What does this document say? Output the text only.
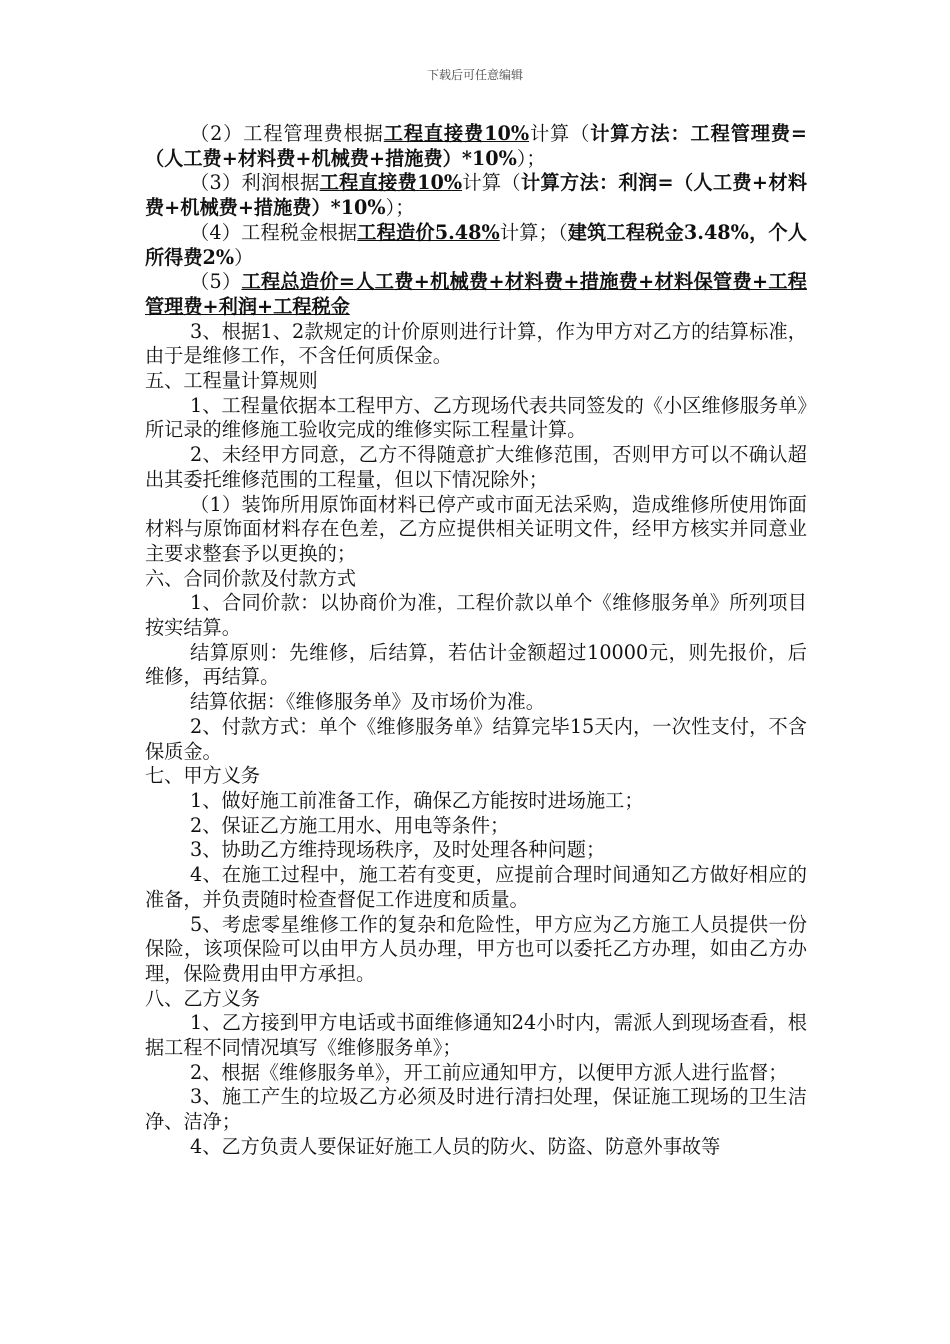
下载后可任意编辑

（2）工程管理费根据工程直接费10%计算（计算方法：工程管理费=（人工费+材料费+机械费+措施费）*10%）；

（3）利润根据工程直接费10%计算（计算方法：利润=（人工费+材料费+机械费+措施费）*10%）；

（4）工程税金根据工程造价5.48%计算；（建筑工程税金3.48%，个人所得费2%）

（5）工程总造价=人工费+机械费+材料费+措施费+材料保管费+工程管理费+利润+工程税金

3、根据1、2款规定的计价原则进行计算，作为甲方对乙方的结算标准，由于是维修工作，不含任何质保金。

五、工程量计算规则

1、工程量依据本工程甲方、乙方现场代表共同签发的《小区维修服务单》所记录的维修施工验收完成的维修实际工程量计算。

2、未经甲方同意，乙方不得随意扩大维修范围，否则甲方可以不确认超出其委托维修范围的工程量，但以下情况除外；

（1）装饰所用原饰面材料已停产或市面无法采购，造成维修所使用饰面材料与原饰面材料存在色差，乙方应提供相关证明文件，经甲方核实并同意业主要求整套予以更换的；

六、合同价款及付款方式

1、合同价款：以协商价为准，工程价款以单个《维修服务单》所列项目按实结算。

结算原则：先维修，后结算，若估计金额超过10000元，则先报价，后维修，再结算。

结算依据：《维修服务单》及市场价为准。

2、付款方式：单个《维修服务单》结算完毕15天内，一次性支付，不含保质金。

七、甲方义务

1、做好施工前准备工作，确保乙方能按时进场施工；

2、保证乙方施工用水、用电等条件；

3、协助乙方维持现场秩序，及时处理各种问题；

4、在施工过程中，施工若有变更，应提前合理时间通知乙方做好相应的准备，并负责随时检查督促工作进度和质量。

5、考虑零星维修工作的复杂和危险性，甲方应为乙方施工人员提供一份保险，该项保险可以由甲方人员办理，甲方也可以委托乙方办理，如由乙方办理，保险费用由甲方承担。

八、乙方义务

1、乙方接到甲方电话或书面维修通知24小时内，需派人到现场查看，根据工程不同情况填写《维修服务单》；

2、根据《维修服务单》，开工前应通知甲方，以便甲方派人进行监督；

3、施工产生的垃圾乙方必须及时进行清扫处理，保证施工现场的卫生洁净、洁净；

4、乙方负责人要保证好施工人员的防火、防盗、防意外事故等
